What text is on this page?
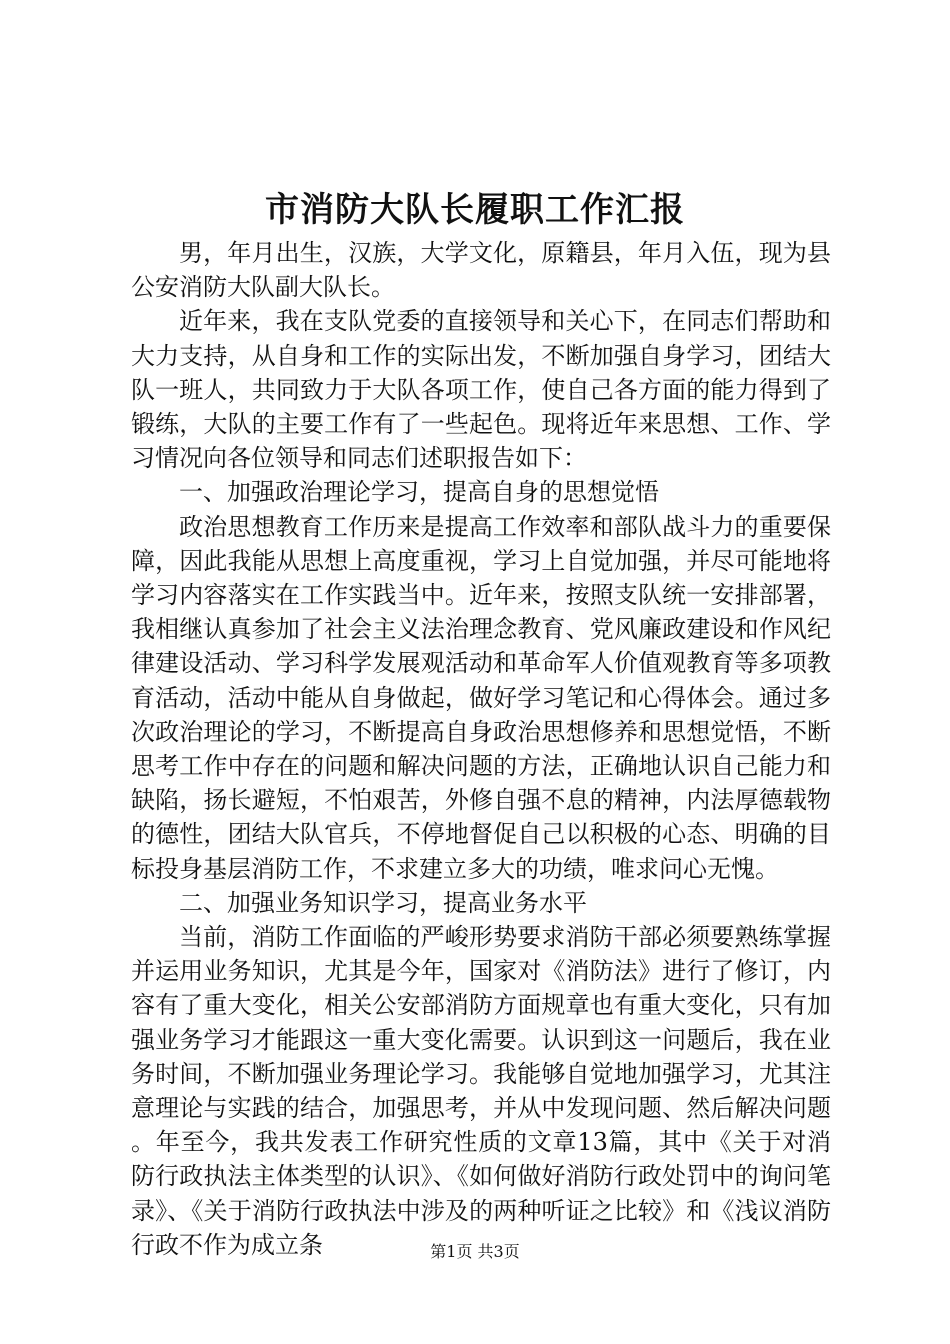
市消防大队长履职工作汇报

男，年月出生，汉族，大学文化，原籍县，年月入伍，现为县公安消防大队副大队长。

近年来，我在支队党委的直接领导和关心下，在同志们帮助和大力支持，从自身和工作的实际出发，不断加强自身学习，团结大队一班人，共同致力于大队各项工作，使自己各方面的能力得到了锻练，大队的主要工作有了一些起色。现将近年来思想、工作、学习情况向各位领导和同志们述职报告如下：

一、加强政治理论学习，提高自身的思想觉悟

政治思想教育工作历来是提高工作效率和部队战斗力的重要保障，因此我能从思想上高度重视，学习上自觉加强，并尽可能地将学习内容落实在工作实践当中。近年来，按照支队统一安排部署，我相继认真参加了社会主义法治理念教育、党风廉政建设和作风纪律建设活动、学习科学发展观活动和革命军人价值观教育等多项教育活动，活动中能从自身做起，做好学习笔记和心得体会。通过多次政治理论的学习，不断提高自身政治思想修养和思想觉悟，不断思考工作中存在的问题和解决问题的方法，正确地认识自己能力和缺陷，扬长避短，不怕艰苦，外修自强不息的精神，内法厚德载物的德性，团结大队官兵，不停地督促自己以积极的心态、明确的目标投身基层消防工作，不求建立多大的功绩，唯求问心无愧。

二、加强业务知识学习，提高业务水平

当前，消防工作面临的严峻形势要求消防干部必须要熟练掌握并运用业务知识，尤其是今年，国家对《消防法》进行了修订，内容有了重大变化，相关公安部消防方面规章也有重大变化，只有加强业务学习才能跟这一重大变化需要。认识到这一问题后，我在业务时间，不断加强业务理论学习。我能够自觉地加强学习，尤其注意理论与实践的结合，加强思考，并从中发现问题、然后解决问题。年至今，我共发表工作研究性质的文章13篇，其中《关于对消防行政执法主体类型的认识》、《如何做好消防行政处罚中的询问笔录》、《关于消防行政执法中涉及的两种听证之比较》和《浅议消防行政不作为成立条	第1页 共3页
